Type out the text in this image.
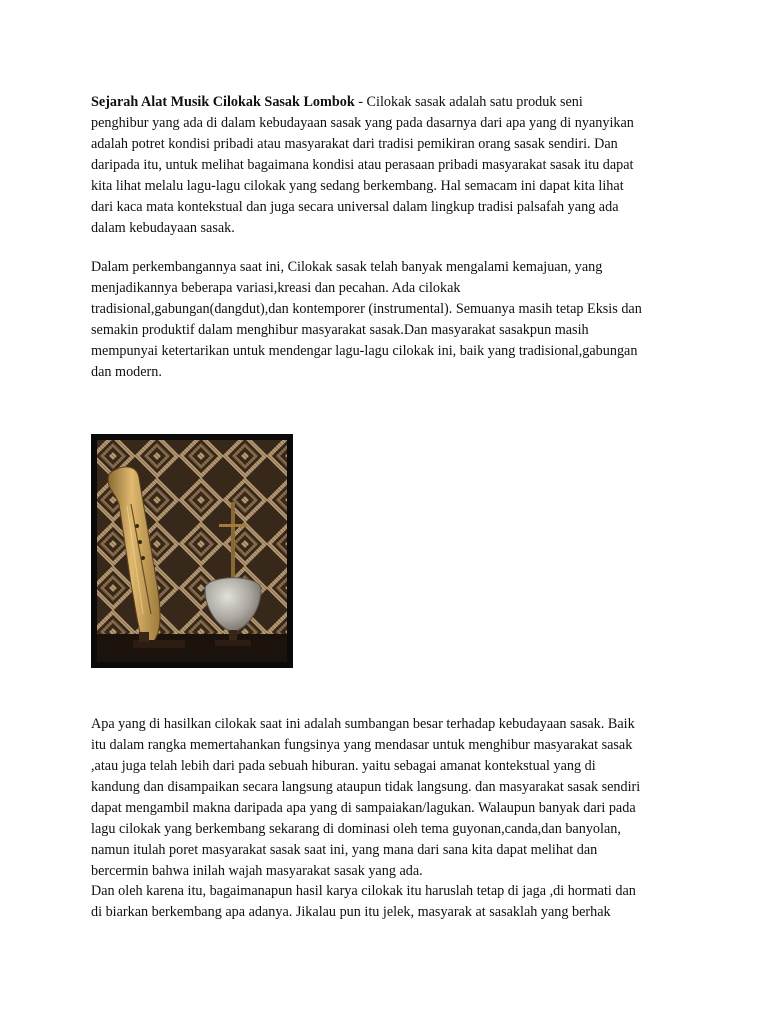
Sejarah Alat Musik Cilokak Sasak Lombok - Cilokak sasak adalah satu produk seni
penghibur yang ada di dalam kebudayaan sasak yang pada dasarnya dari apa yang di nyanyikan
adalah potret kondisi pribadi atau masyarakat dari tradisi pemikiran orang sasak sendiri. Dan
daripada itu, untuk melihat bagaimana kondisi atau perasaan pribadi masyarakat sasak itu dapat
kita lihat melalu lagu-lagu cilokak yang sedang berkembang. Hal semacam ini dapat kita lihat
dari kaca mata kontekstual dan juga secara universal dalam lingkup tradisi palsafah yang ada
dalam kebudayaan sasak.

Dalam perkembangannya saat ini, Cilokak sasak telah banyak mengalami kemajuan, yang
menjadikannya beberapa variasi,kreasi dan pecahan. Ada cilokak
tradisional,gabungan(dangdut),dan kontemporer (instrumental). Semuanya masih tetap Eksis dan
semakin produktif dalam menghibur masyarakat sasak.Dan masyarakat sasakpun masih
mempunyai ketertarikan untuk mendengar lagu-lagu cilokak ini, baik yang tradisional,gabungan
dan modern.

Apa yang di hasilkan cilokak saat ini adalah sumbangan besar terhadap kebudayaan sasak. Baik
itu dalam rangka memertahankan fungsinya yang mendasar untuk menghibur masyarakat sasak
,atau juga telah lebih dari pada sebuah hiburan. yaitu sebagai amanat kontekstual yang di
kandung dan disampaikan secara langsung ataupun tidak langsung. dan masyarakat sasak sendiri
dapat mengambil makna daripada apa yang di sampaiakan/lagukan. Walaupun banyak dari pada
lagu cilokak yang berkembang sekarang di dominasi oleh tema guyonan,canda,dan banyolan,
namun itulah poret masyarakat sasak saat ini, yang mana dari sana kita dapat melihat dan
bercermin bahwa inilah wajah masyarakat sasak yang ada.

Dan oleh karena itu, bagaimanapun hasil karya cilokak itu haruslah tetap di jaga ,di hormati dan
di biarkan berkembang apa adanya. Jikalau pun itu jelek, masyarak at sasaklah yang berhak
